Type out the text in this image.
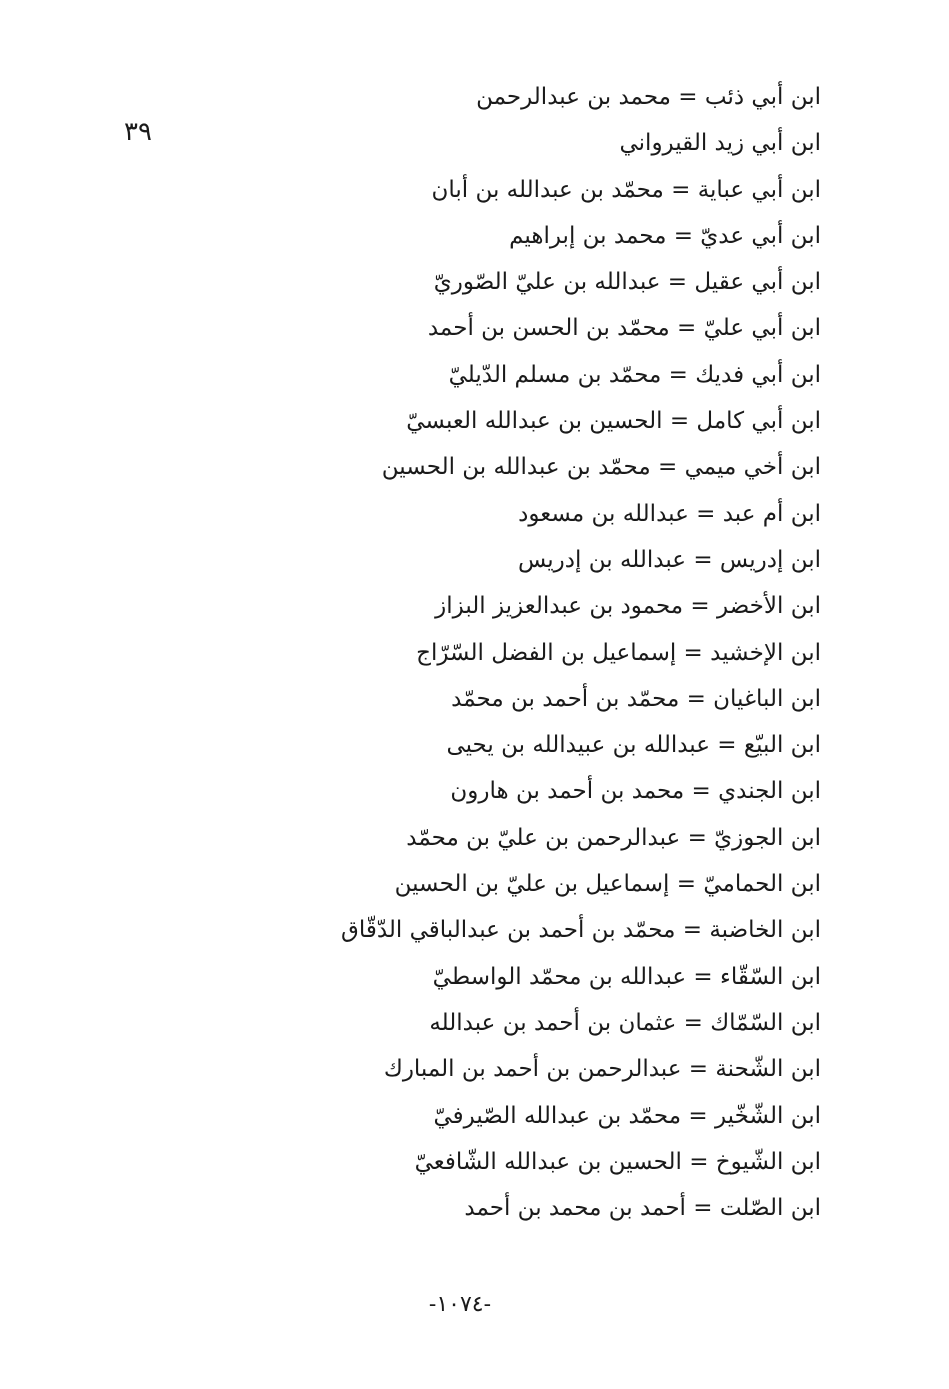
٣٩
ابن أبي ذئب = محمد بن عبدالرحمن
ابن أبي زيد القيرواني
ابن أبي عباية = محمّد بن عبدالله بن أبان
ابن أبي عديّ = محمد بن إبراهيم
ابن أبي عقيل = عبدالله بن عليّ الصّوريّ
ابن أبي عليّ = محمّد بن الحسن بن أحمد
ابن أبي فديك = محمّد بن مسلم الدّيليّ
ابن أبي كامل = الحسين بن عبدالله العبسيّ
ابن أخي ميمي = محمّد بن عبدالله بن الحسين
ابن أم عبد = عبدالله بن مسعود
ابن إدريس = عبدالله بن إدريس
ابن الأخضر = محمود بن عبدالعزيز البزاز
ابن الإخشيد = إسماعيل بن الفضل السّرّاج
ابن الباغيان = محمّد بن أحمد بن محمّد
ابن البيّع = عبدالله بن عبيدالله بن يحيى
ابن الجندي = محمد بن أحمد بن هارون
ابن الجوزيّ = عبدالرحمن بن عليّ بن محمّد
ابن الحماميّ = إسماعيل بن عليّ بن الحسين
ابن الخاضبة = محمّد بن أحمد بن عبدالباقي الدّقّاق
ابن السّقّاء = عبدالله بن محمّد الواسطيّ
ابن السّمّاك = عثمان بن أحمد بن عبدالله
ابن الشّحنة = عبدالرحمن بن أحمد بن المبارك
ابن الشّخّير = محمّد بن عبدالله الصّيرفيّ
ابن الشّيوخ = الحسين بن عبدالله الشّافعيّ
ابن الصّلت = أحمد بن محمد بن أحمد
-١٠٧٤-
